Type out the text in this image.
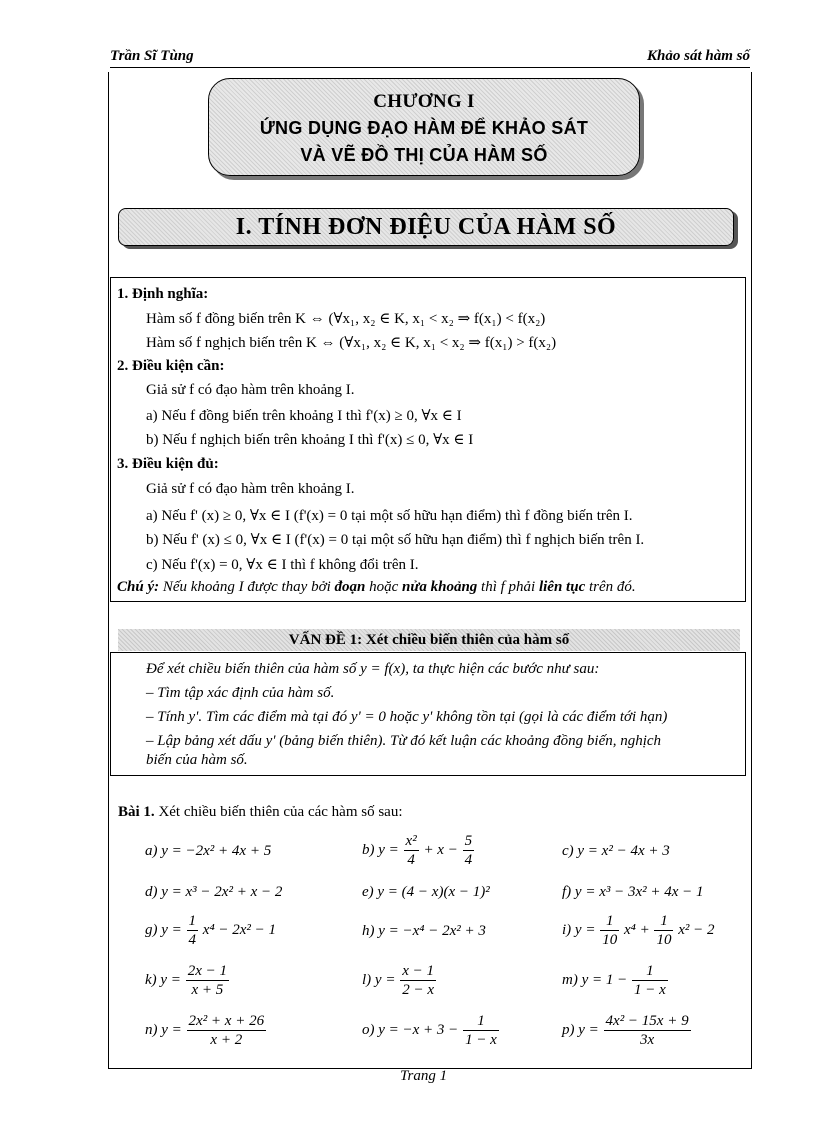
Trần Sĩ Tùng	Khảo sát hàm số
CHƯƠNG I
ỨNG DỤNG ĐẠO HÀM ĐỂ KHẢO SÁT
VÀ VẼ ĐỒ THỊ CỦA HÀM SỐ
I. TÍNH ĐƠN ĐIỆU CỦA HÀM SỐ
1. Định nghĩa:
Hàm số f đồng biến trên K ⇔ (∀x₁, x₂ ∈ K, x₁ < x₂ ⇒ f(x₁) < f(x₂)
Hàm số f nghịch biến trên K ⇔ (∀x₁, x₂ ∈ K, x₁ < x₂ ⇒ f(x₁) > f(x₂)
2. Điều kiện cần:
Giả sử f có đạo hàm trên khoảng I.
a) Nếu f đồng biến trên khoảng I thì f'(x) ≥ 0, ∀x ∈ I
b) Nếu f nghịch biến trên khoảng I thì f'(x) ≤ 0, ∀x ∈ I
3. Điều kiện đủ:
Giả sử f có đạo hàm trên khoảng I.
a) Nếu f' (x) ≥ 0, ∀x ∈ I (f'(x) = 0 tại một số hữu hạn điểm) thì f đồng biến trên I.
b) Nếu f' (x) ≤ 0, ∀x ∈ I (f'(x) = 0 tại một số hữu hạn điểm) thì f nghịch biến trên I.
c) Nếu f'(x) = 0, ∀x ∈ I thì f không đổi trên I.
Chú ý: Nếu khoảng I được thay bởi đoạn hoặc nửa khoảng thì f phải liên tục trên đó.
VẤN ĐỀ 1: Xét chiều biến thiên của hàm số
Để xét chiều biến thiên của hàm số y = f(x), ta thực hiện các bước như sau:
– Tìm tập xác định của hàm số.
– Tính y'. Tìm các điểm mà tại đó y' = 0 hoặc y' không tồn tại (gọi là các điểm tới hạn)
– Lập bảng xét dấu y' (bảng biến thiên). Từ đó kết luận các khoảng đồng biến, nghịch
biến của hàm số.
Bài 1. Xét chiều biến thiên của các hàm số sau:
a) y = −2x² + 4x + 5	b) $y = \frac{\text{x²}}{4} + x - \frac{5}{4}$	c) y = x² − 4x + 3
d) y = x³ − 2x² + x − 2	e) y = (4 − x)(x − 1)²	f) y = x³ − 3x² + 4x − 1
g) $y = \frac{1}{4} x^4 - 2x^2 - 1$	h) y = −x⁴ − 2x² + 3	i) $y = \frac{1}{10} x^4 + \frac{1}{10} x^2 - 2$
k) $y = \frac{2x - 1}{x + 5}$	l) $y = \frac{x - 1}{2 - x}$	m) $y = 1 - \frac{1}{1 - x}$
n) $y = \frac{\text{2x² + x + 26}}{x + 2}$	o) $y = -x + 3 - \frac{1}{1 - x}$	p) $y = \frac{\text{4x² − 15x + 9}}{3x}$
Trang 1
